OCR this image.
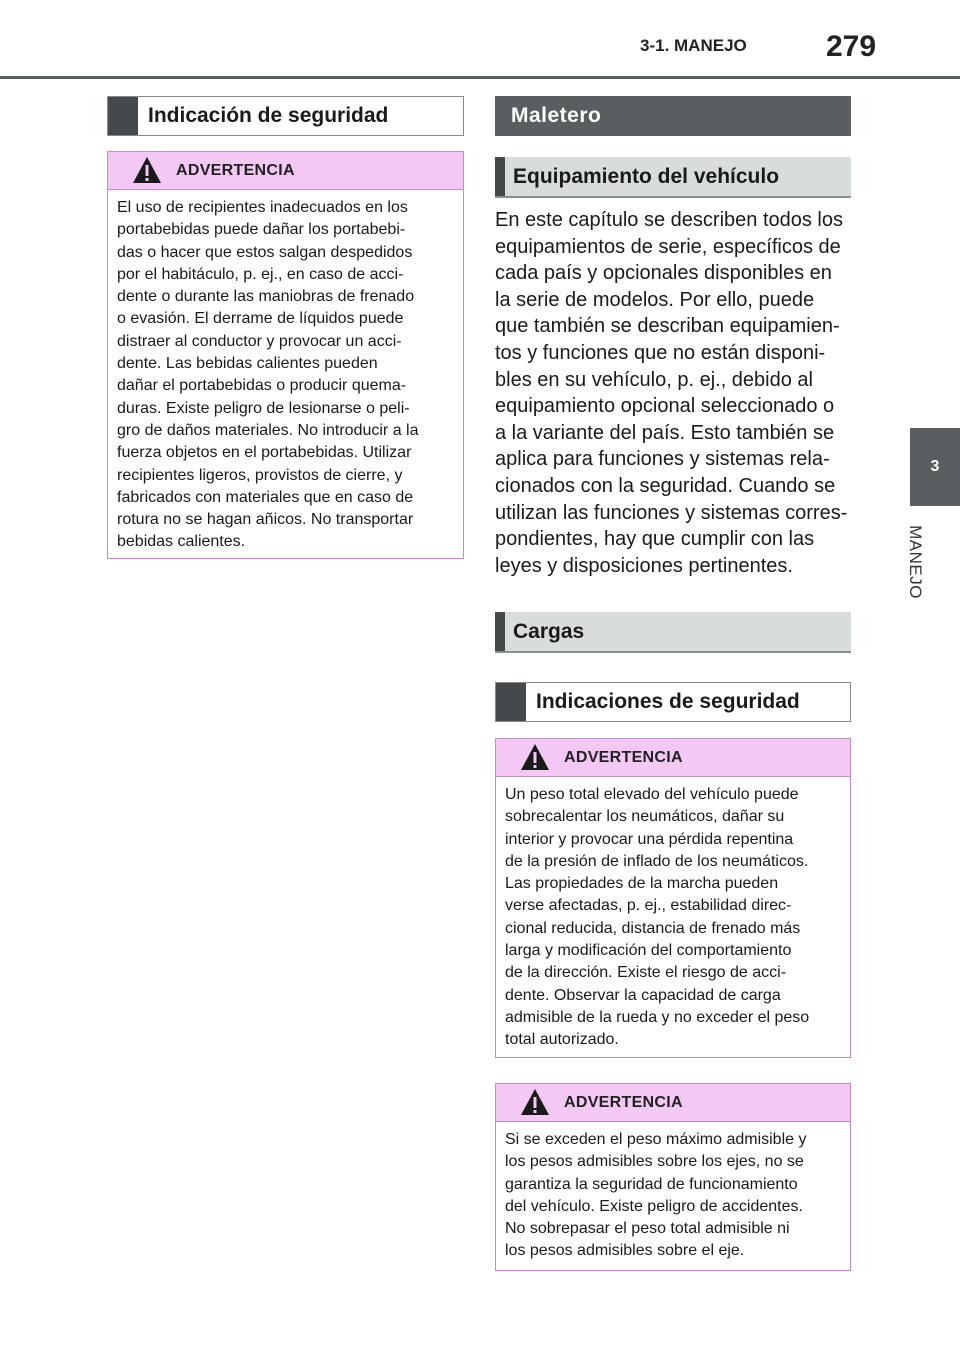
3-1. MANEJO	279
3
MANEJO
Indicación de seguridad
ADVERTENCIA
El uso de recipientes inadecuados en los
portabebidas puede dañar los portabebi-
das o hacer que estos salgan despedidos
por el habitáculo, p. ej., en caso de acci-
dente o durante las maniobras de frenado
o evasión. El derrame de líquidos puede
distraer al conductor y provocar un acci-
dente. Las bebidas calientes pueden
dañar el portabebidas o producir quema-
duras. Existe peligro de lesionarse o peli-
gro de daños materiales. No introducir a la
fuerza objetos en el portabebidas. Utilizar
recipientes ligeros, provistos de cierre, y
fabricados con materiales que en caso de
rotura no se hagan añicos. No transportar
bebidas calientes.
Maletero
Equipamiento del vehículo
En este capítulo se describen todos los
equipamientos de serie, específicos de
cada país y opcionales disponibles en
la serie de modelos. Por ello, puede
que también se describan equipamien-
tos y funciones que no están disponi-
bles en su vehículo, p. ej., debido al
equipamiento opcional seleccionado o
a la variante del país. Esto también se
aplica para funciones y sistemas rela-
cionados con la seguridad. Cuando se
utilizan las funciones y sistemas corres-
pondientes, hay que cumplir con las
leyes y disposiciones pertinentes.
Cargas
Indicaciones de seguridad
ADVERTENCIA
Un peso total elevado del vehículo puede
sobrecalentar los neumáticos, dañar su
interior y provocar una pérdida repentina
de la presión de inflado de los neumáticos.
Las propiedades de la marcha pueden
verse afectadas, p. ej., estabilidad direc-
cional reducida, distancia de frenado más
larga y modificación del comportamiento
de la dirección. Existe el riesgo de acci-
dente. Observar la capacidad de carga
admisible de la rueda y no exceder el peso
total autorizado.
ADVERTENCIA
Si se exceden el peso máximo admisible y
los pesos admisibles sobre los ejes, no se
garantiza la seguridad de funcionamiento
del vehículo. Existe peligro de accidentes.
No sobrepasar el peso total admisible ni
los pesos admisibles sobre el eje.
